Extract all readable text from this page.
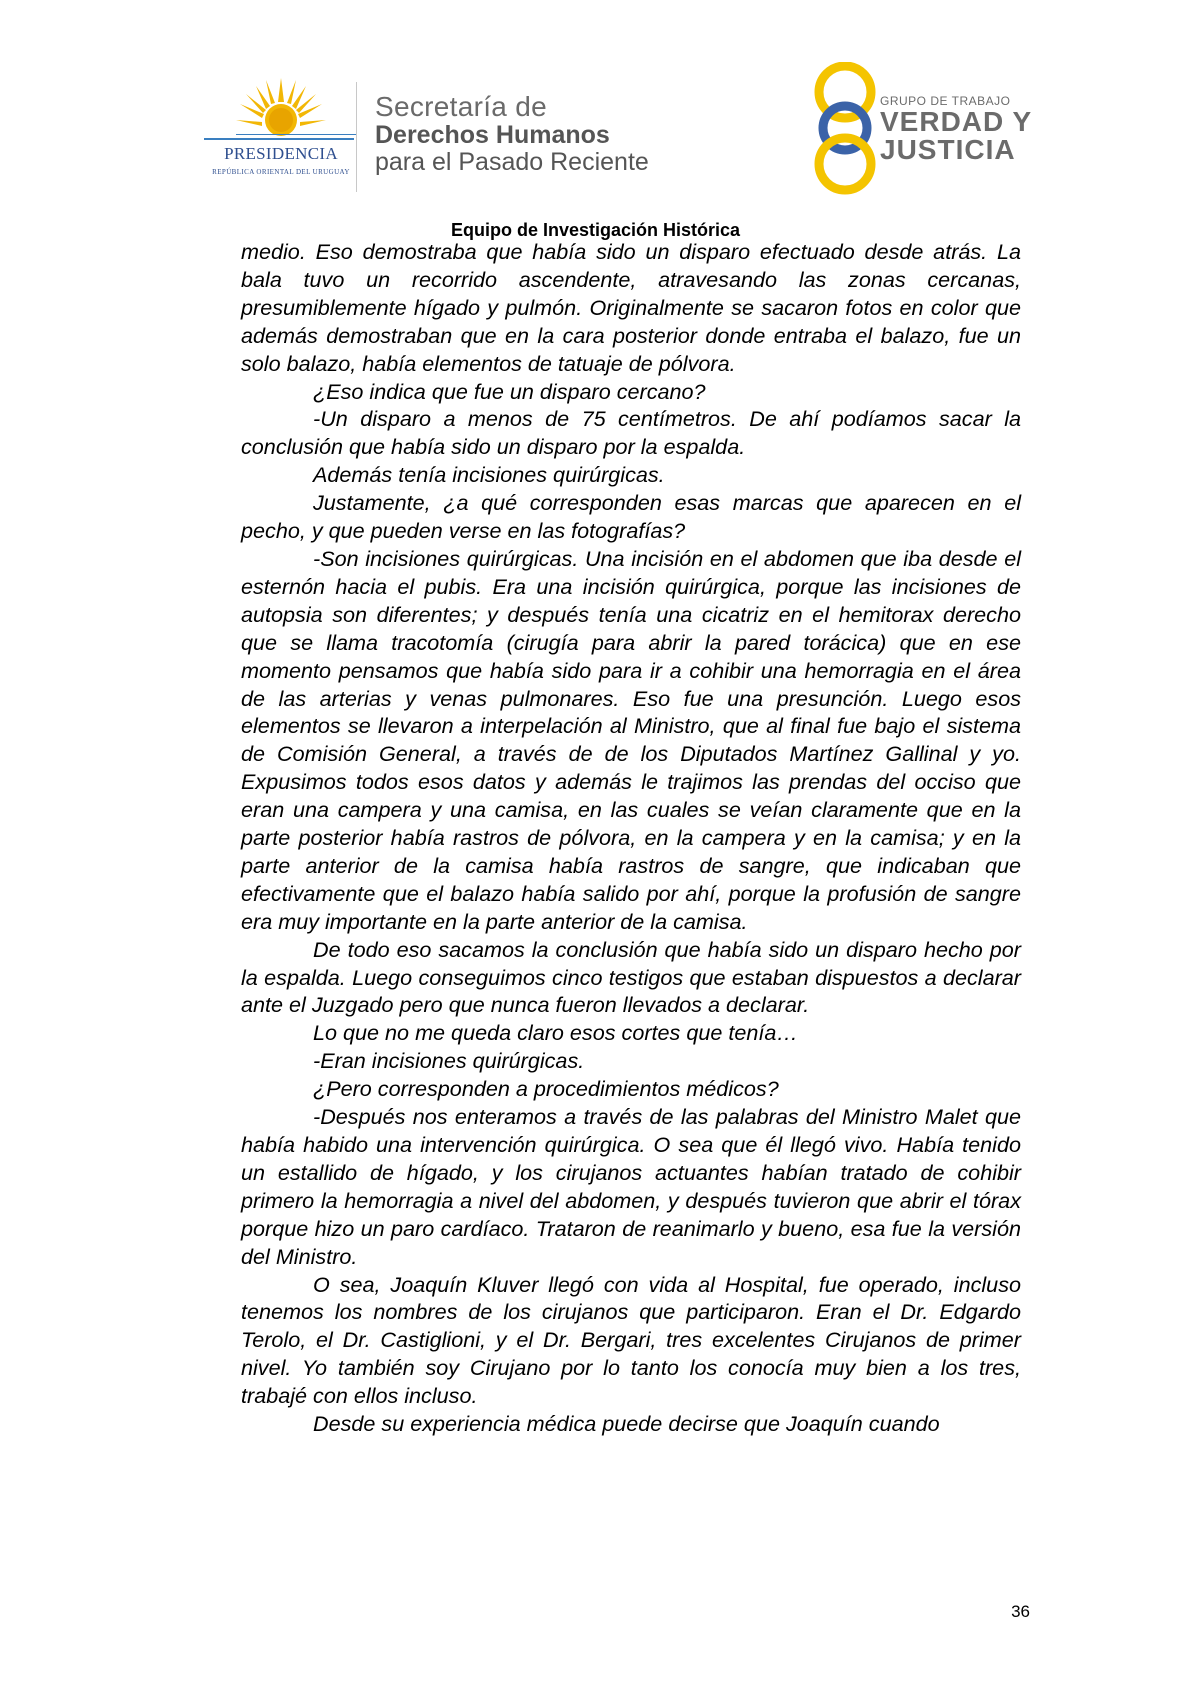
PRESIDENCIA
REPÚBLICA ORIENTAL DEL URUGUAY
Secretaría de
Derechos Humanos
para el Pasado Reciente
GRUPO DE TRABAJO
VERDAD Y
JUSTICIA
Equipo de Investigación Histórica

medio. Eso demostraba que había sido un disparo efectuado desde atrás. La bala tuvo un recorrido ascendente, atravesando las zonas cercanas, presumiblemente hígado y pulmón. Originalmente se sacaron fotos en color que además demostraban que en la cara posterior donde entraba el balazo, fue un solo balazo, había elementos de tatuaje de pólvora.

¿Eso indica que fue un disparo cercano?

-Un disparo a menos de 75 centímetros. De ahí podíamos sacar la conclusión que había sido un disparo por la espalda.

Además tenía incisiones quirúrgicas.

Justamente, ¿a qué corresponden esas marcas que aparecen en el pecho, y que pueden verse en las fotografías?

-Son incisiones quirúrgicas. Una incisión en el abdomen que iba desde el esternón hacia el pubis. Era una incisión quirúrgica, porque las incisiones de autopsia son diferentes; y después tenía una cicatriz en el hemitorax derecho que se llama tracotomía (cirugía para abrir la pared torácica) que en ese momento pensamos que había sido para ir a cohibir una hemorragia en el área de las arterias y venas pulmonares. Eso fue una presunción. Luego esos elementos se llevaron a interpelación al Ministro, que al final fue bajo el sistema de Comisión General, a través de de los Diputados Martínez Gallinal y yo. Expusimos todos esos datos y además le trajimos las prendas del occiso que eran una campera y una camisa, en las cuales se veían claramente que en la parte posterior había rastros de pólvora, en la campera y en la camisa; y en la parte anterior de la camisa había rastros de sangre, que indicaban que efectivamente que el balazo había salido por ahí, porque la profusión de sangre era muy importante en la parte anterior de la camisa.

De todo eso sacamos la conclusión que había sido un disparo hecho por la espalda. Luego conseguimos cinco testigos que estaban dispuestos a declarar ante el Juzgado pero que nunca fueron llevados a declarar.

Lo que no me queda claro esos cortes que tenía…

-Eran incisiones quirúrgicas.

¿Pero corresponden a procedimientos médicos?

-Después nos enteramos a través de las palabras del Ministro Malet que había habido una intervención quirúrgica. O sea que él llegó vivo. Había tenido un estallido de hígado, y los cirujanos actuantes habían tratado de cohibir primero la hemorragia a nivel del abdomen, y después tuvieron que abrir el tórax porque hizo un paro cardíaco. Trataron de reanimarlo y bueno, esa fue la versión del Ministro.

O sea, Joaquín Kluver llegó con vida al Hospital, fue operado, incluso tenemos los nombres de los cirujanos que participaron. Eran el Dr. Edgardo Terolo, el Dr. Castiglioni, y el Dr. Bergari, tres excelentes Cirujanos de primer nivel. Yo también soy Cirujano por lo tanto los conocía muy bien a los tres, trabajé con ellos incluso.

Desde su experiencia médica puede decirse que Joaquín cuando

36
